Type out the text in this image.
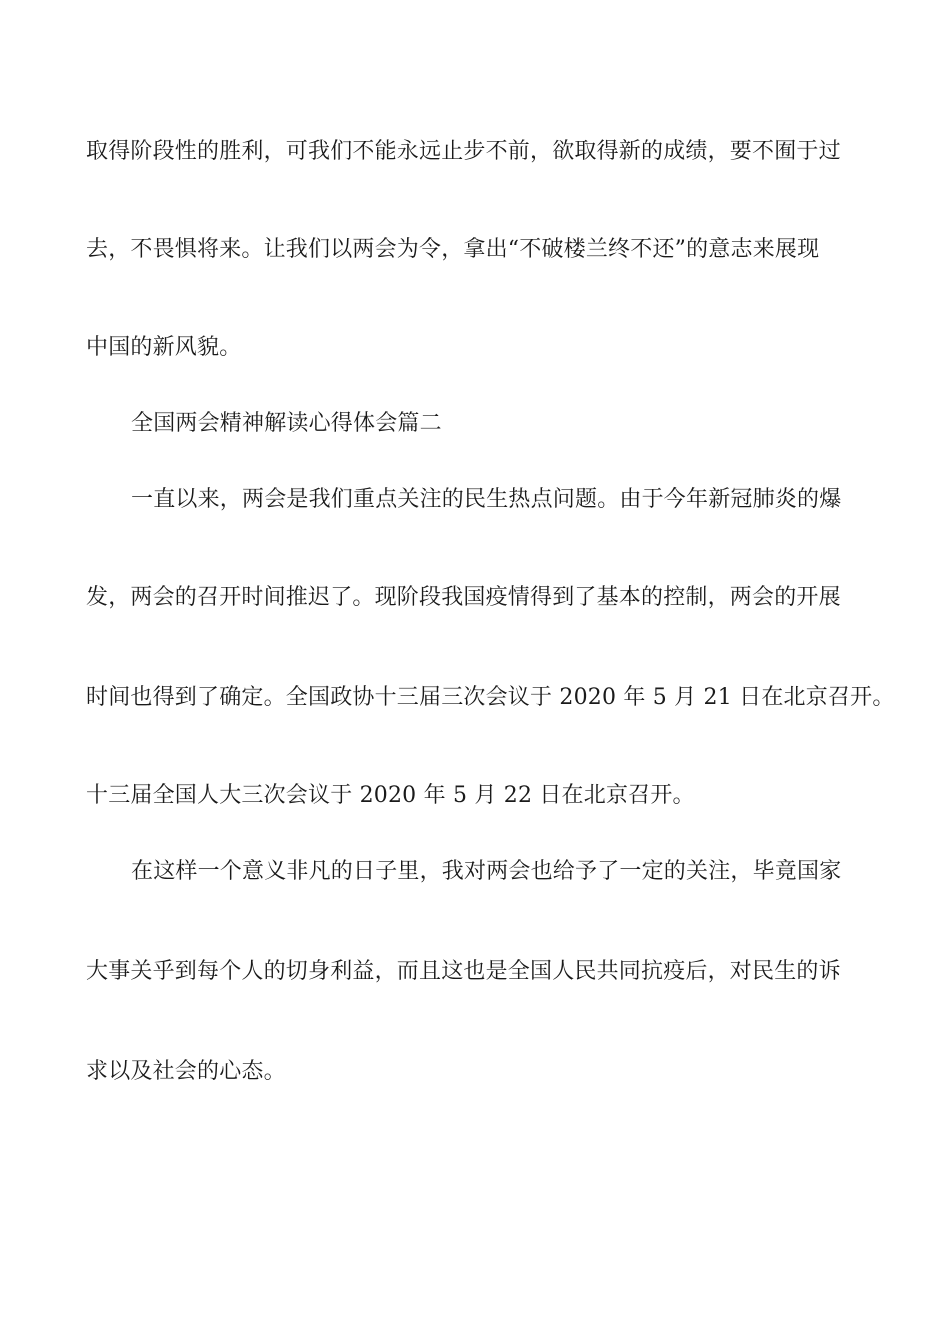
取得阶段性的胜利，可我们不能永远止步不前，欲取得新的成绩，要不囿于过
去，不畏惧将来。让我们以两会为令，拿出“不破楼兰终不还”的意志来展现
中国的新风貌。
全国两会精神解读心得体会篇二
一直以来，两会是我们重点关注的民生热点问题。由于今年新冠肺炎的爆
发，两会的召开时间推迟了。现阶段我国疫情得到了基本的控制，两会的开展
时间也得到了确定。全国政协十三届三次会议于 2020 年 5 月 21 日在北京召开。
十三届全国人大三次会议于 2020 年 5 月 22 日在北京召开。
在这样一个意义非凡的日子里，我对两会也给予了一定的关注，毕竟国家
大事关乎到每个人的切身利益，而且这也是全国人民共同抗疫后，对民生的诉
求以及社会的心态。
